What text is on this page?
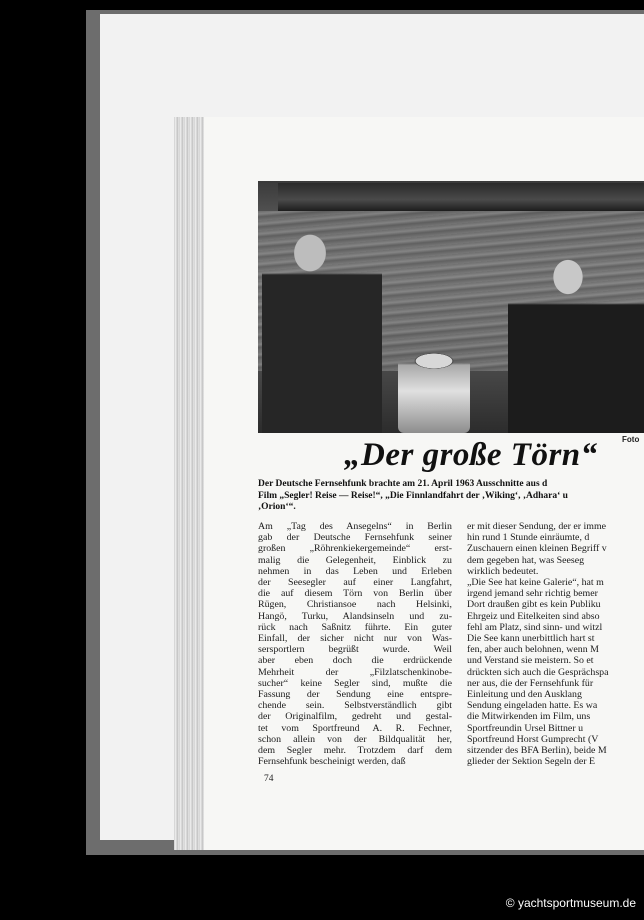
Foto
„Der große Törn“
Der Deutsche Fernsehfunk brachte am 21. April 1963 Ausschnitte aus d
Film „Segler! Reise — Reise!“, „Die Finnlandfahrt der ‚Wiking‘, ‚Adhara‘ u
‚Orion‘“.
Am „Tag des Ansegelns“ in Berlin
gab der Deutsche Fernsehfunk seiner
großen „Röhrenkiekergemeinde“ erst-
malig die Gelegenheit, Einblick zu
nehmen in das Leben und Erleben
der Seesegler auf einer Langfahrt,
die auf diesem Törn von Berlin über
Rügen, Christiansoe nach Helsinki,
Hangö, Turku, Alandsinseln und zu-
rück nach Saßnitz führte. Ein guter
Einfall, der sicher nicht nur von Was-
sersportlern begrüßt wurde. Weil
aber eben doch die erdrückende
Mehrheit der „Filzlatschenkinobe-
sucher“ keine Segler sind, mußte die
Fassung der Sendung eine entspre-
chende sein. Selbstverständlich gibt
der Originalfilm, gedreht und gestal-
tet vom Sportfreund A. R. Fechner,
schon allein von der Bildqualität her,
dem Segler mehr. Trotzdem darf dem
Fernsehfunk bescheinigt werden, daß
er mit dieser Sendung, der er imme
hin rund 1 Stunde einräumte, d
Zuschauern einen kleinen Begriff v
dem gegeben hat, was Seeseg
wirklich bedeutet.
„Die See hat keine Galerie“, hat m
irgend jemand sehr richtig bemer
Dort draußen gibt es kein Publiku
Ehrgeiz und Eitelkeiten sind abso
fehl am Platz, sind sinn- und witzl
Die See kann unerbittlich hart st
fen, aber auch belohnen, wenn M
und Verstand sie meistern. So et
drückten sich auch die Gesprächspa
ner aus, die der Fernsehfunk für
Einleitung und den Ausklang
Sendung eingeladen hatte. Es wa
die Mitwirkenden im Film, uns
Sportfreundin Ursel Bittner u
Sportfreund Horst Gumprecht (V
sitzender des BFA Berlin), beide M
glieder der Sektion Segeln der E
74
© yachtsportmuseum.de
